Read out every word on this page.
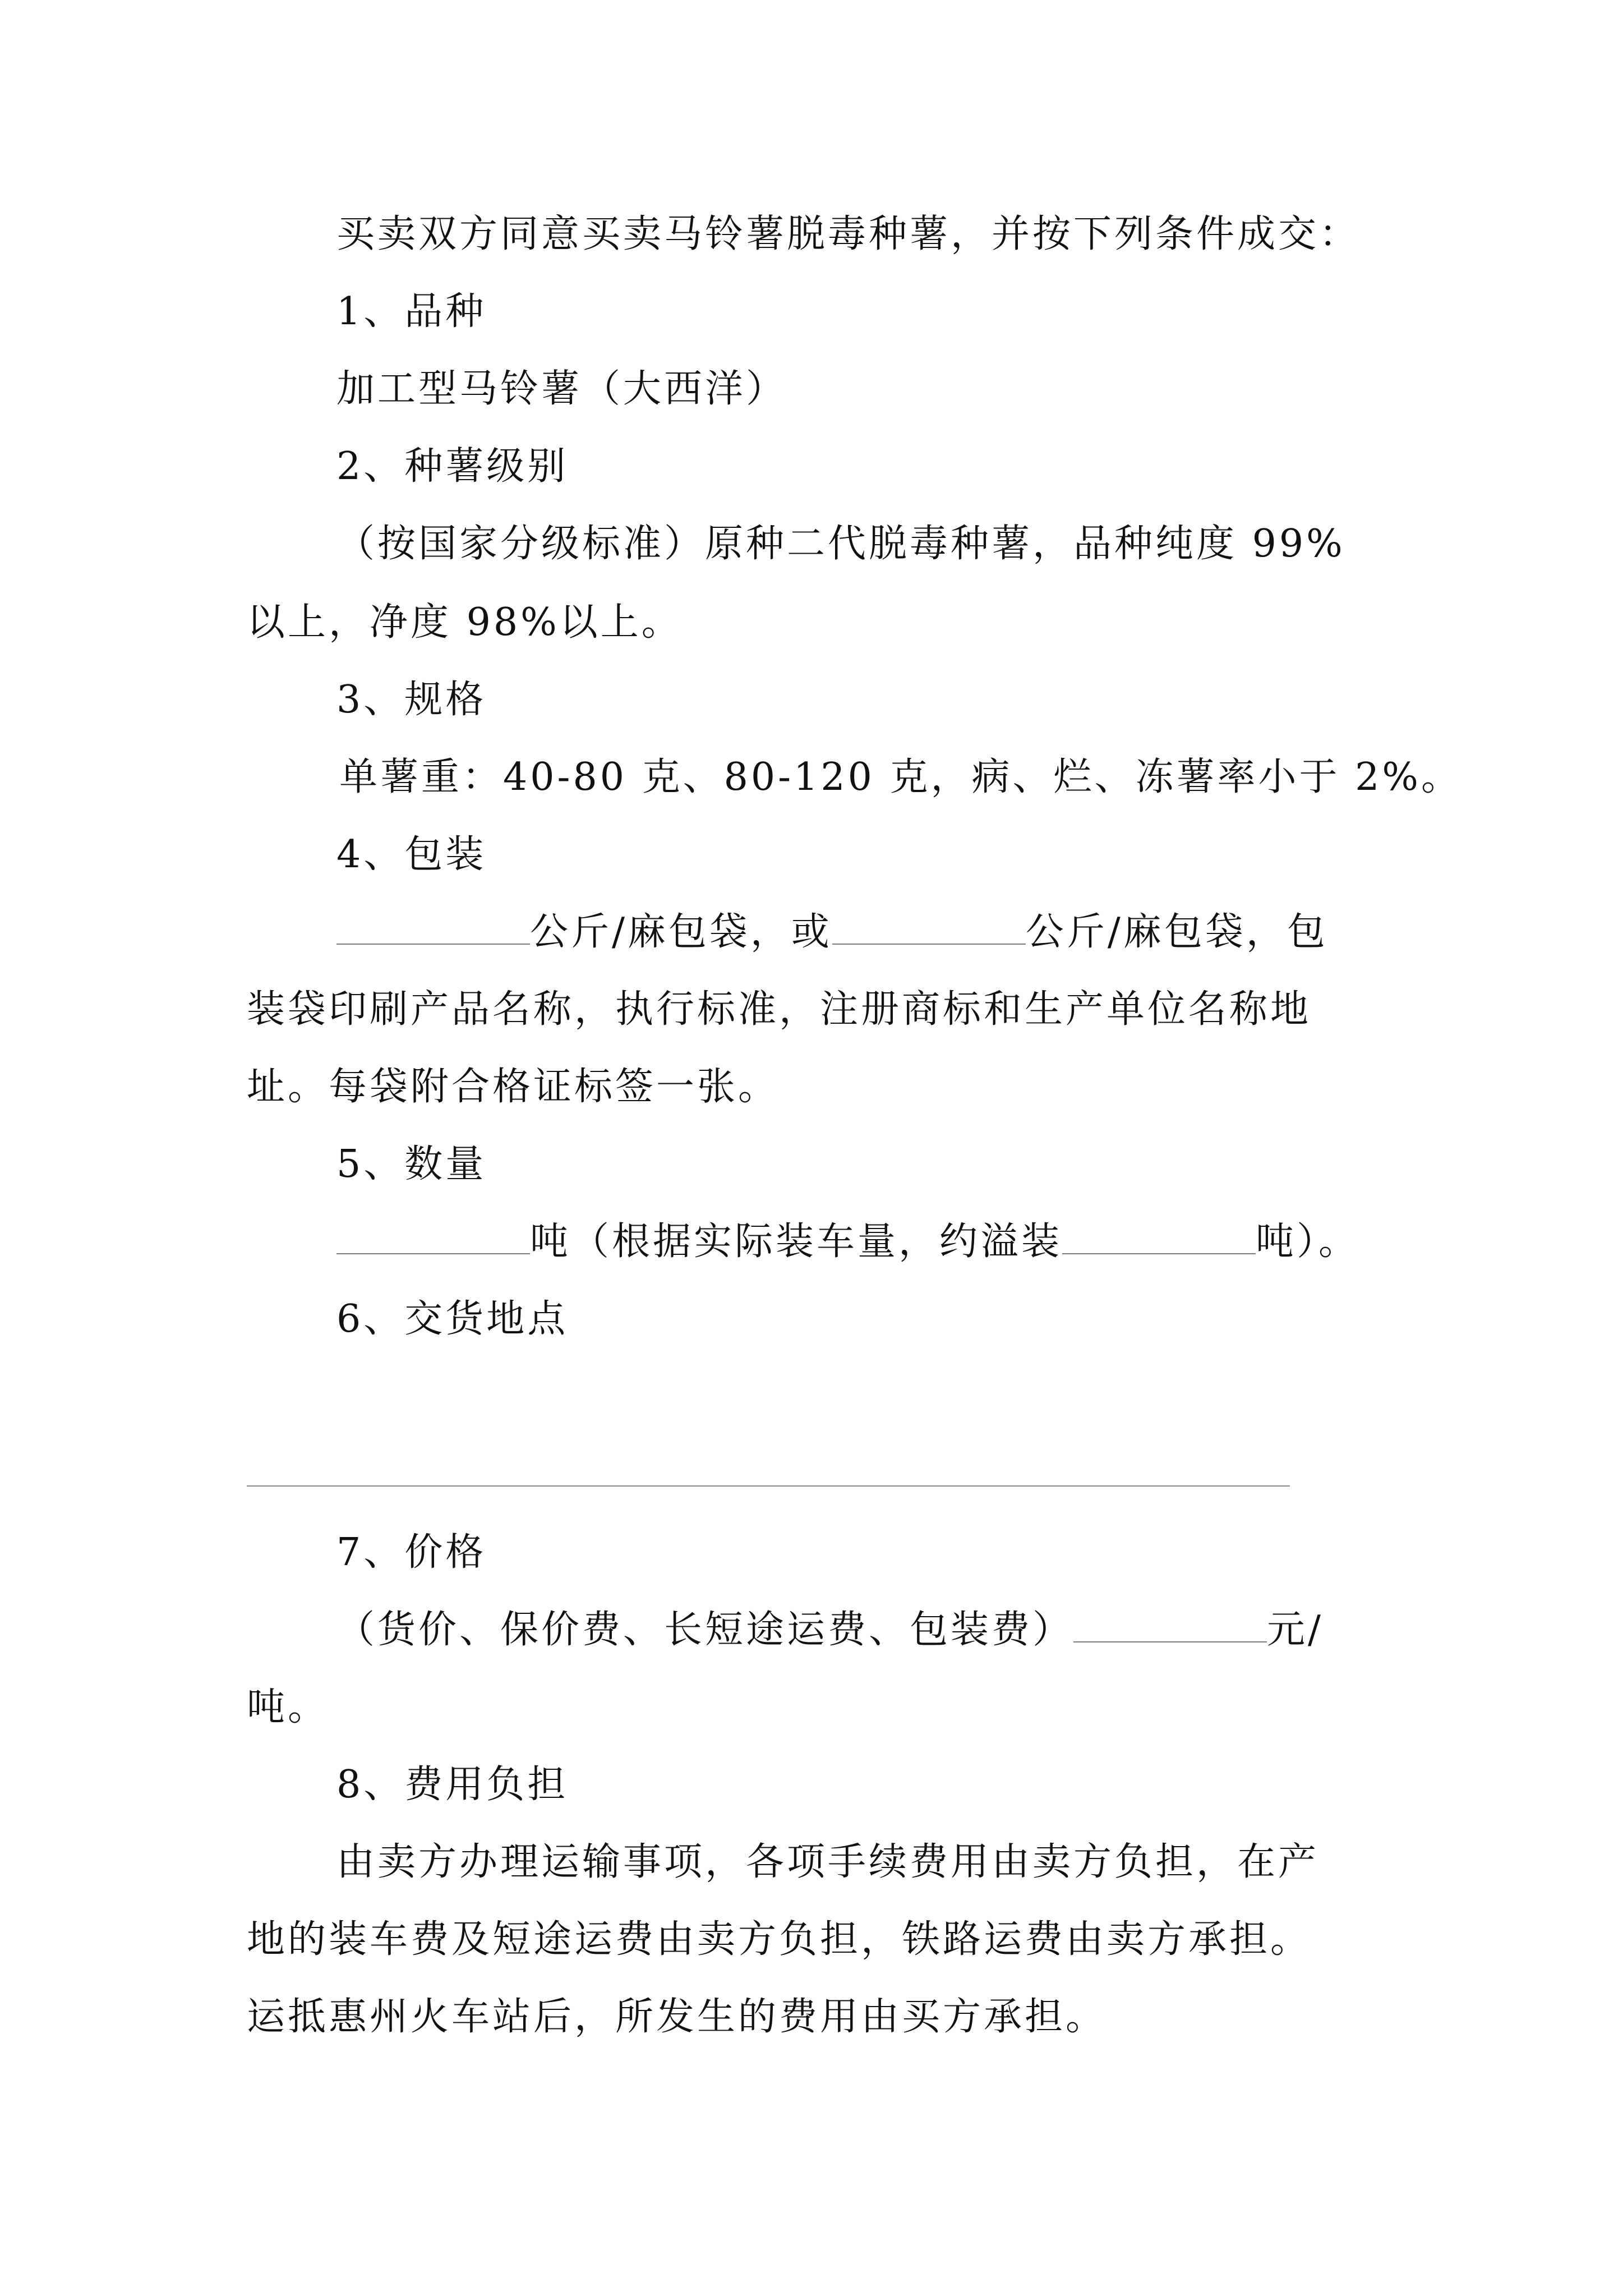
买卖双方同意买卖马铃薯脱毒种薯，并按下列条件成交：
1、品种
加工型马铃薯（大西洋）
2、种薯级别
（按国家分级标准）原种二代脱毒种薯，品种纯度 99%
以上，净度 98%以上。
3、规格
单薯重：40-80 克、80-120 克，病、烂、冻薯率小于 2%。
4、包装
公斤/麻包袋，或	公斤/麻包袋，包
装袋印刷产品名称，执行标准，注册商标和生产单位名称地
址。每袋附合格证标签一张。
5、数量
吨（根据实际装车量，约溢装	吨）。
6、交货地点
7、价格
（货价、保价费、长短途运费、包装费）	元/
吨。
8、费用负担
由卖方办理运输事项，各项手续费用由卖方负担，在产
地的装车费及短途运费由卖方负担，铁路运费由卖方承担。
运抵惠州火车站后，所发生的费用由买方承担。
